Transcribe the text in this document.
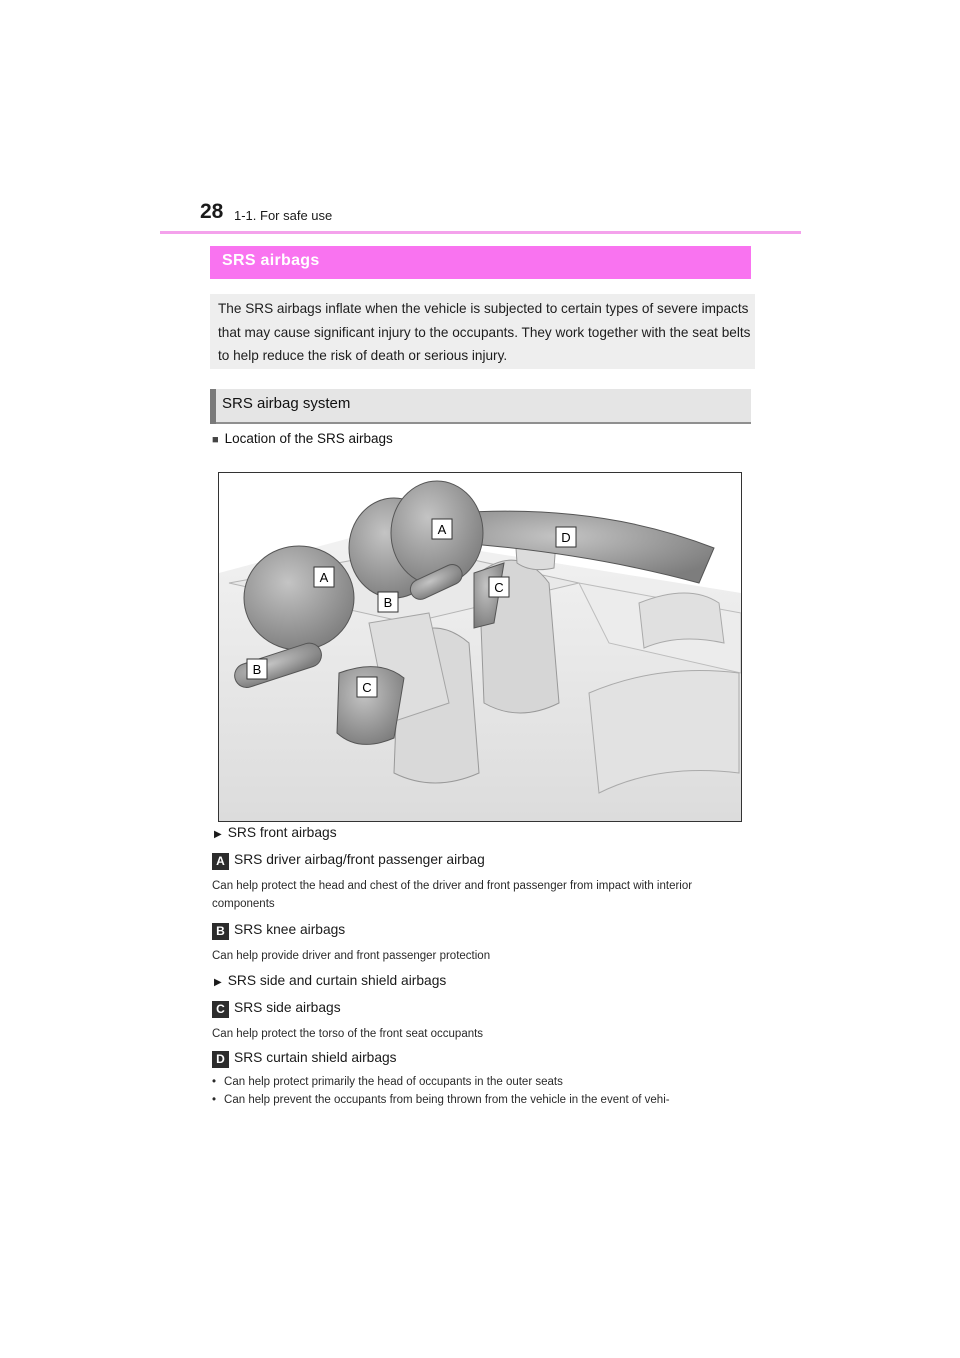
28 1-1. For safe use
SRS airbags
The SRS airbags inflate when the vehicle is subjected to certain types of severe impacts that may cause significant injury to the occupants. They work together with the seat belts to help reduce the risk of death or serious injury.
SRS airbag system
■ Location of the SRS airbags
A
A
B
B
C
C
D
▶ SRS front airbags
A SRS driver airbag/front passenger airbag
Can help protect the head and chest of the driver and front passenger from impact with interior components
B SRS knee airbags
Can help provide driver and front passenger protection
▶ SRS side and curtain shield airbags
C SRS side airbags
Can help protect the torso of the front seat occupants
D SRS curtain shield airbags
• Can help protect primarily the head of occupants in the outer seats
• Can help prevent the occupants from being thrown from the vehicle in the event of vehi-
